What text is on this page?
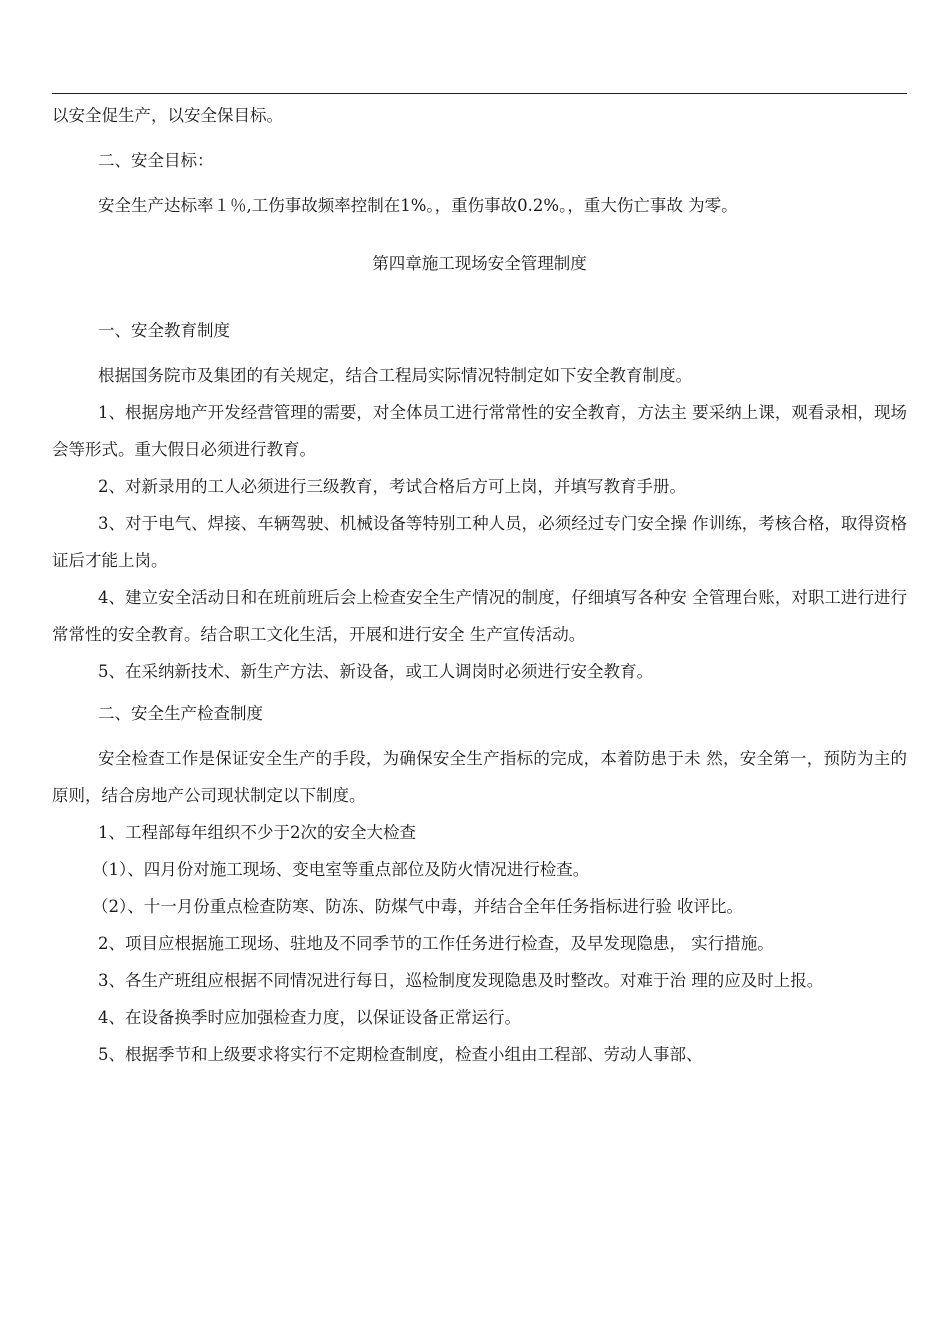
以安全促生产，以安全保目标。

二、安全目标：

安全生产达标率１％,工伤事故频率控制在1%。，重伤事故0.2%。，重大伤亡事故 为零。

第四章施工现场安全管理制度

一、安全教育制度

根据国务院市及集团的有关规定，结合工程局实际情况特制定如下安全教育制度。

1、根据房地产开发经营管理的需要，对全体员工进行常常性的安全教育，方法主 要采纳上课，观看录相，现场会等形式。重大假日必须进行教育。

2、对新录用的工人必须进行三级教育，考试合格后方可上岗，并填写教育手册。

3、对于电气、焊接、车辆驾驶、机械设备等特别工种人员，必须经过专门安全操 作训练，考核合格，取得资格证后才能上岗。

4、建立安全活动日和在班前班后会上检查安全生产情况的制度，仔细填写各种安 全管理台账，对职工进行进行常常性的安全教育。结合职工文化生活，开展和进行安全 生产宣传活动。

5、在采纳新技术、新生产方法、新设备，或工人调岗时必须进行安全教育。

二、安全生产检查制度

安全检查工作是保证安全生产的手段，为确保安全生产指标的完成，本着防患于未 然，安全第一，预防为主的原则，结合房地产公司现状制定以下制度。

1、工程部每年组织不少于2次的安全大检查

（1）、四月份对施工现场、变电室等重点部位及防火情况进行检查。

（2）、十一月份重点检查防寒、防冻、防煤气中毒，并结合全年任务指标进行验 收评比。

2、项目应根据施工现场、驻地及不同季节的工作任务进行检查，及早发现隐患， 实行措施。

3、各生产班组应根据不同情况进行每日，巡检制度发现隐患及时整改。对难于治 理的应及时上报。

4、在设备换季时应加强检查力度，以保证设备正常运行。

5、根据季节和上级要求将实行不定期检查制度，检查小组由工程部、劳动人事部、
